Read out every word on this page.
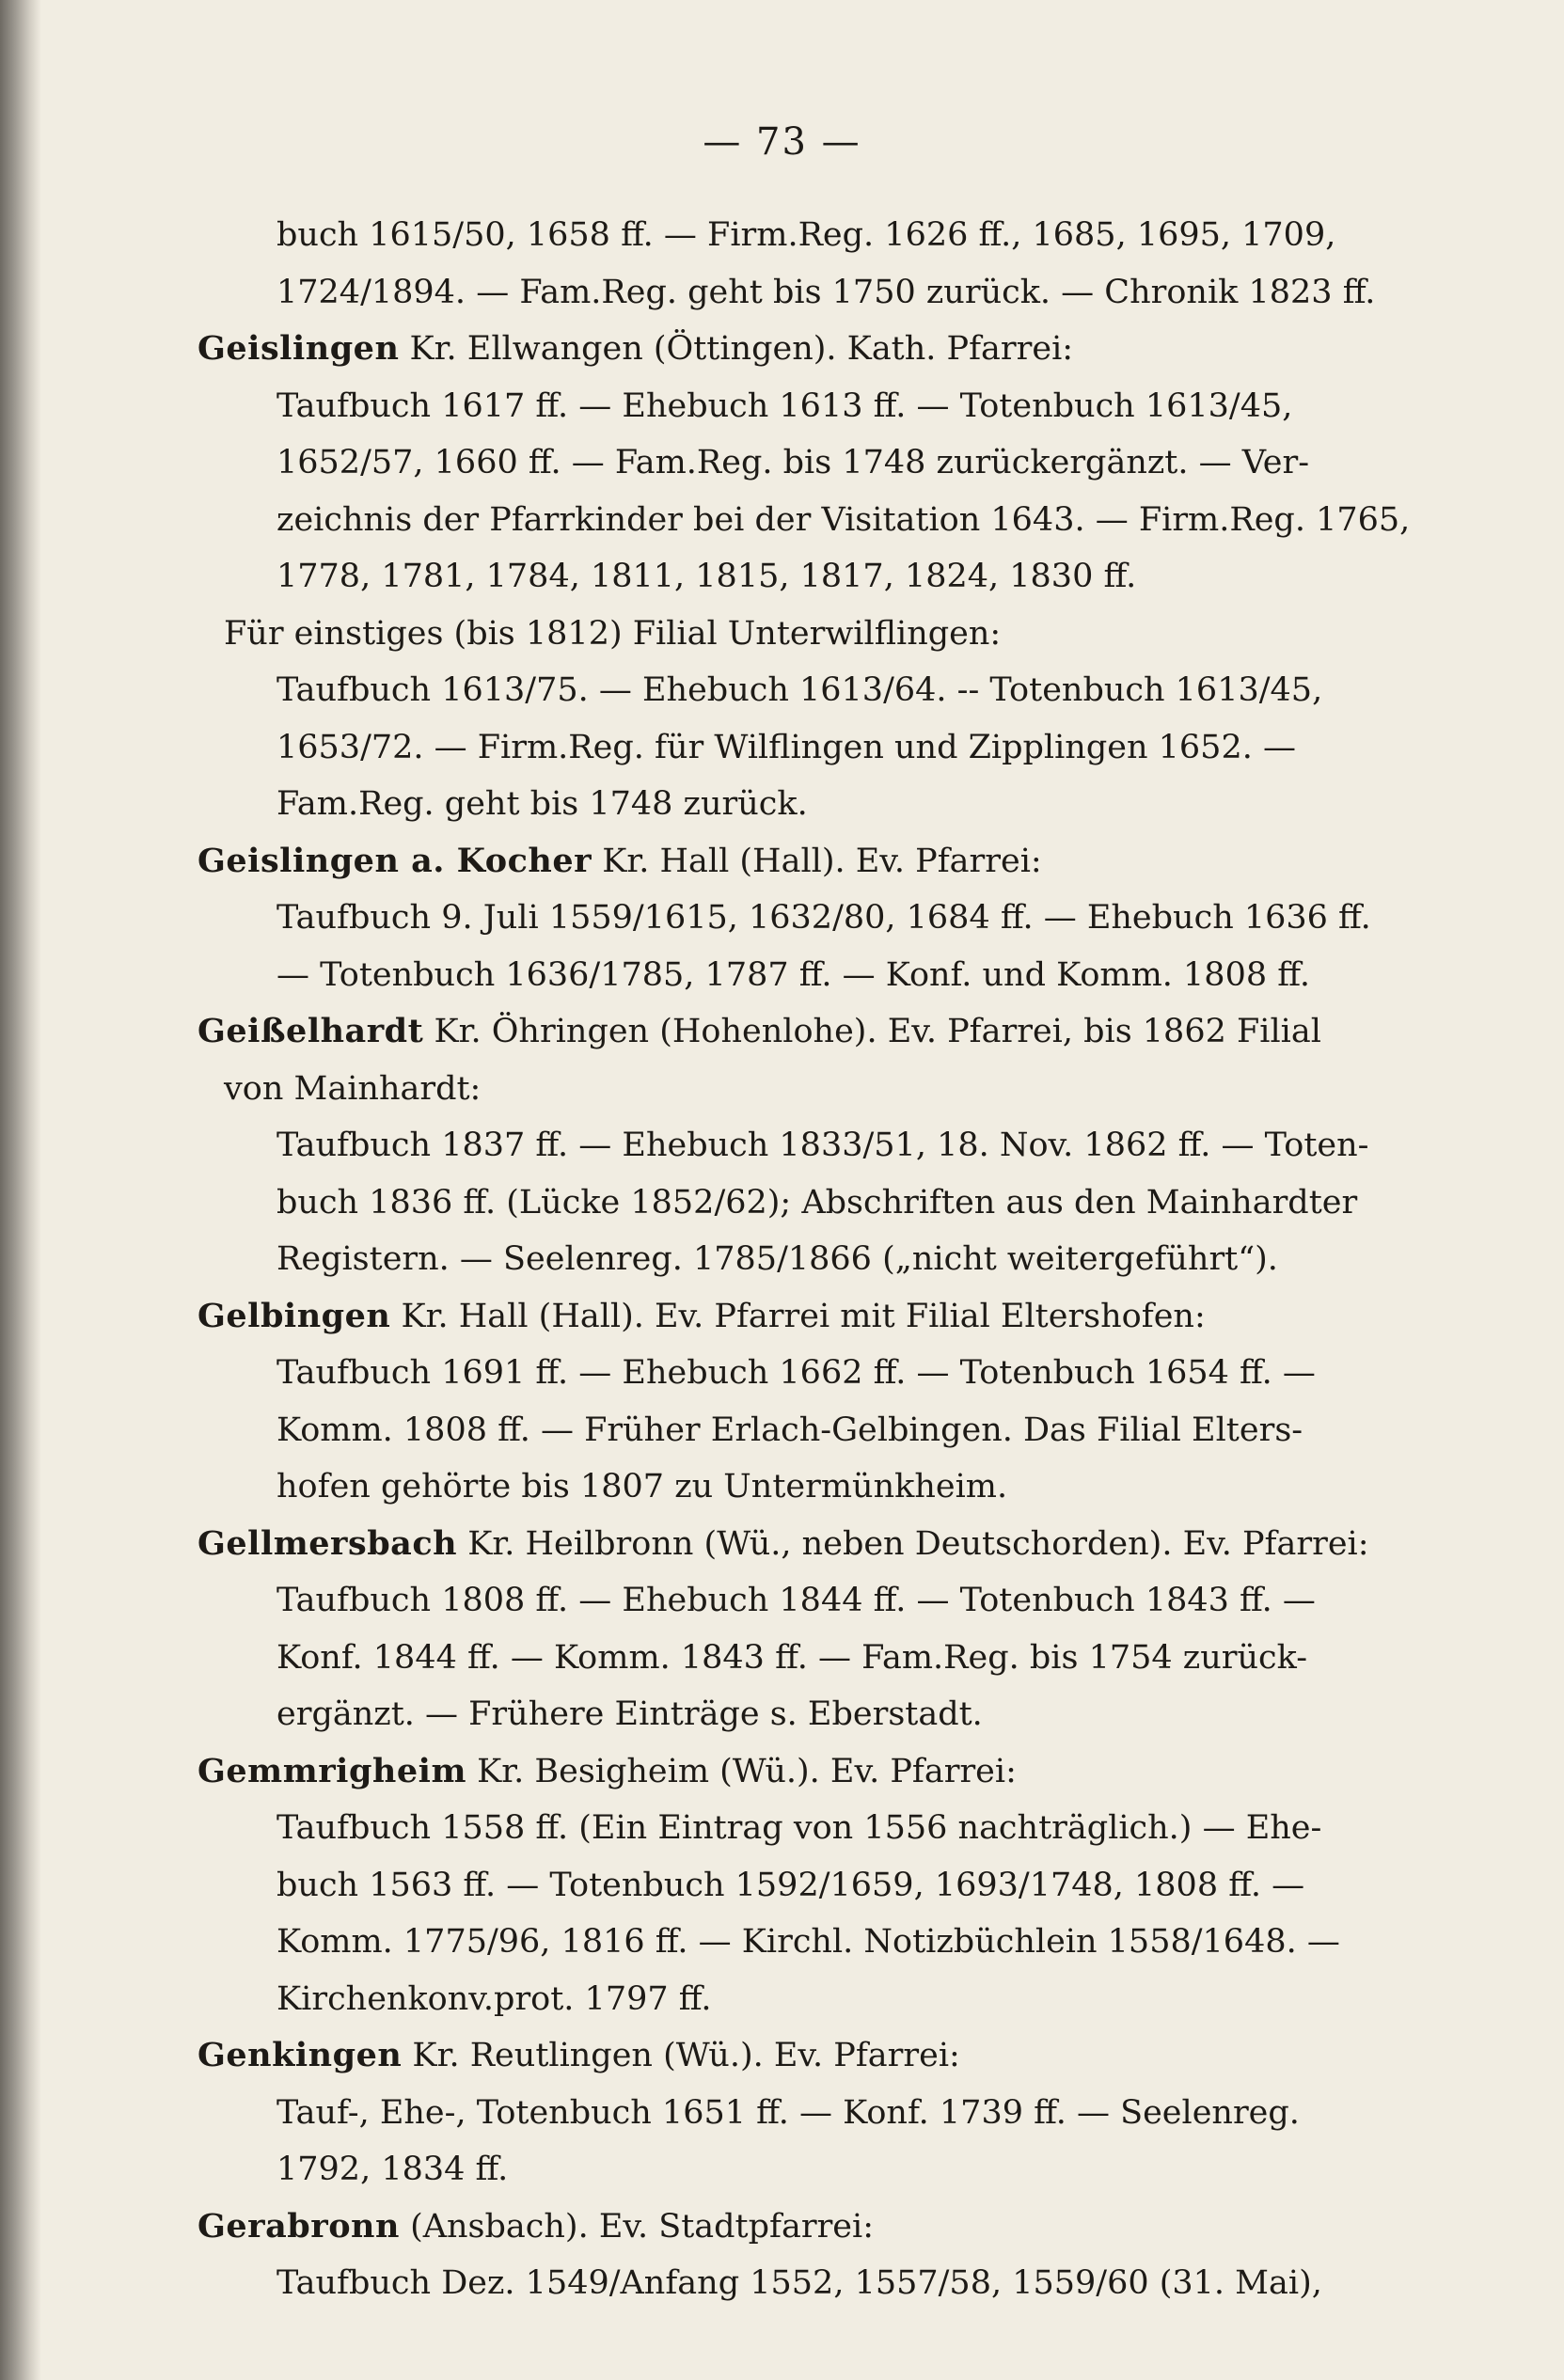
— 73 —
buch 1615/50, 1658 ff. — Firm.Reg. 1626 ff., 1685, 1695, 1709,
1724/1894. — Fam.Reg. geht bis 1750 zurück. — Chronik 1823 ff.
Geislingen Kr. Ellwangen (Öttingen). Kath. Pfarrei:
Taufbuch 1617 ff. — Ehebuch 1613 ff. — Totenbuch 1613/45,
1652/57, 1660 ff. — Fam.Reg. bis 1748 zurückergänzt. — Ver-
zeichnis der Pfarrkinder bei der Visitation 1643. — Firm.Reg. 1765,
1778, 1781, 1784, 1811, 1815, 1817, 1824, 1830 ff.
Für einstiges (bis 1812) Filial Unterwilflingen:
Taufbuch 1613/75. — Ehebuch 1613/64. -- Totenbuch 1613/45,
1653/72. — Firm.Reg. für Wilflingen und Zipplingen 1652. —
Fam.Reg. geht bis 1748 zurück.
Geislingen a. Kocher Kr. Hall (Hall). Ev. Pfarrei:
Taufbuch 9. Juli 1559/1615, 1632/80, 1684 ff. — Ehebuch 1636 ff.
— Totenbuch 1636/1785, 1787 ff. — Konf. und Komm. 1808 ff.
Geißelhardt Kr. Öhringen (Hohenlohe). Ev. Pfarrei, bis 1862 Filial
von Mainhardt:
Taufbuch 1837 ff. — Ehebuch 1833/51, 18. Nov. 1862 ff. — Toten-
buch 1836 ff. (Lücke 1852/62); Abschriften aus den Mainhardter
Registern. — Seelenreg. 1785/1866 („nicht weitergeführt“).
Gelbingen Kr. Hall (Hall). Ev. Pfarrei mit Filial Eltershofen:
Taufbuch 1691 ff. — Ehebuch 1662 ff. — Totenbuch 1654 ff. —
Komm. 1808 ff. — Früher Erlach-Gelbingen. Das Filial Elters-
hofen gehörte bis 1807 zu Untermünkheim.
Gellmersbach Kr. Heilbronn (Wü., neben Deutschorden). Ev. Pfarrei:
Taufbuch 1808 ff. — Ehebuch 1844 ff. — Totenbuch 1843 ff. —
Konf. 1844 ff. — Komm. 1843 ff. — Fam.Reg. bis 1754 zurück-
ergänzt. — Frühere Einträge s. Eberstadt.
Gemmrigheim Kr. Besigheim (Wü.). Ev. Pfarrei:
Taufbuch 1558 ff. (Ein Eintrag von 1556 nachträglich.) — Ehe-
buch 1563 ff. — Totenbuch 1592/1659, 1693/1748, 1808 ff. —
Komm. 1775/96, 1816 ff. — Kirchl. Notizbüchlein 1558/1648. —
Kirchenkonv.prot. 1797 ff.
Genkingen Kr. Reutlingen (Wü.). Ev. Pfarrei:
Tauf-, Ehe-, Totenbuch 1651 ff. — Konf. 1739 ff. — Seelenreg.
1792, 1834 ff.
Gerabronn (Ansbach). Ev. Stadtpfarrei:
Taufbuch Dez. 1549/Anfang 1552, 1557/58, 1559/60 (31. Mai),
